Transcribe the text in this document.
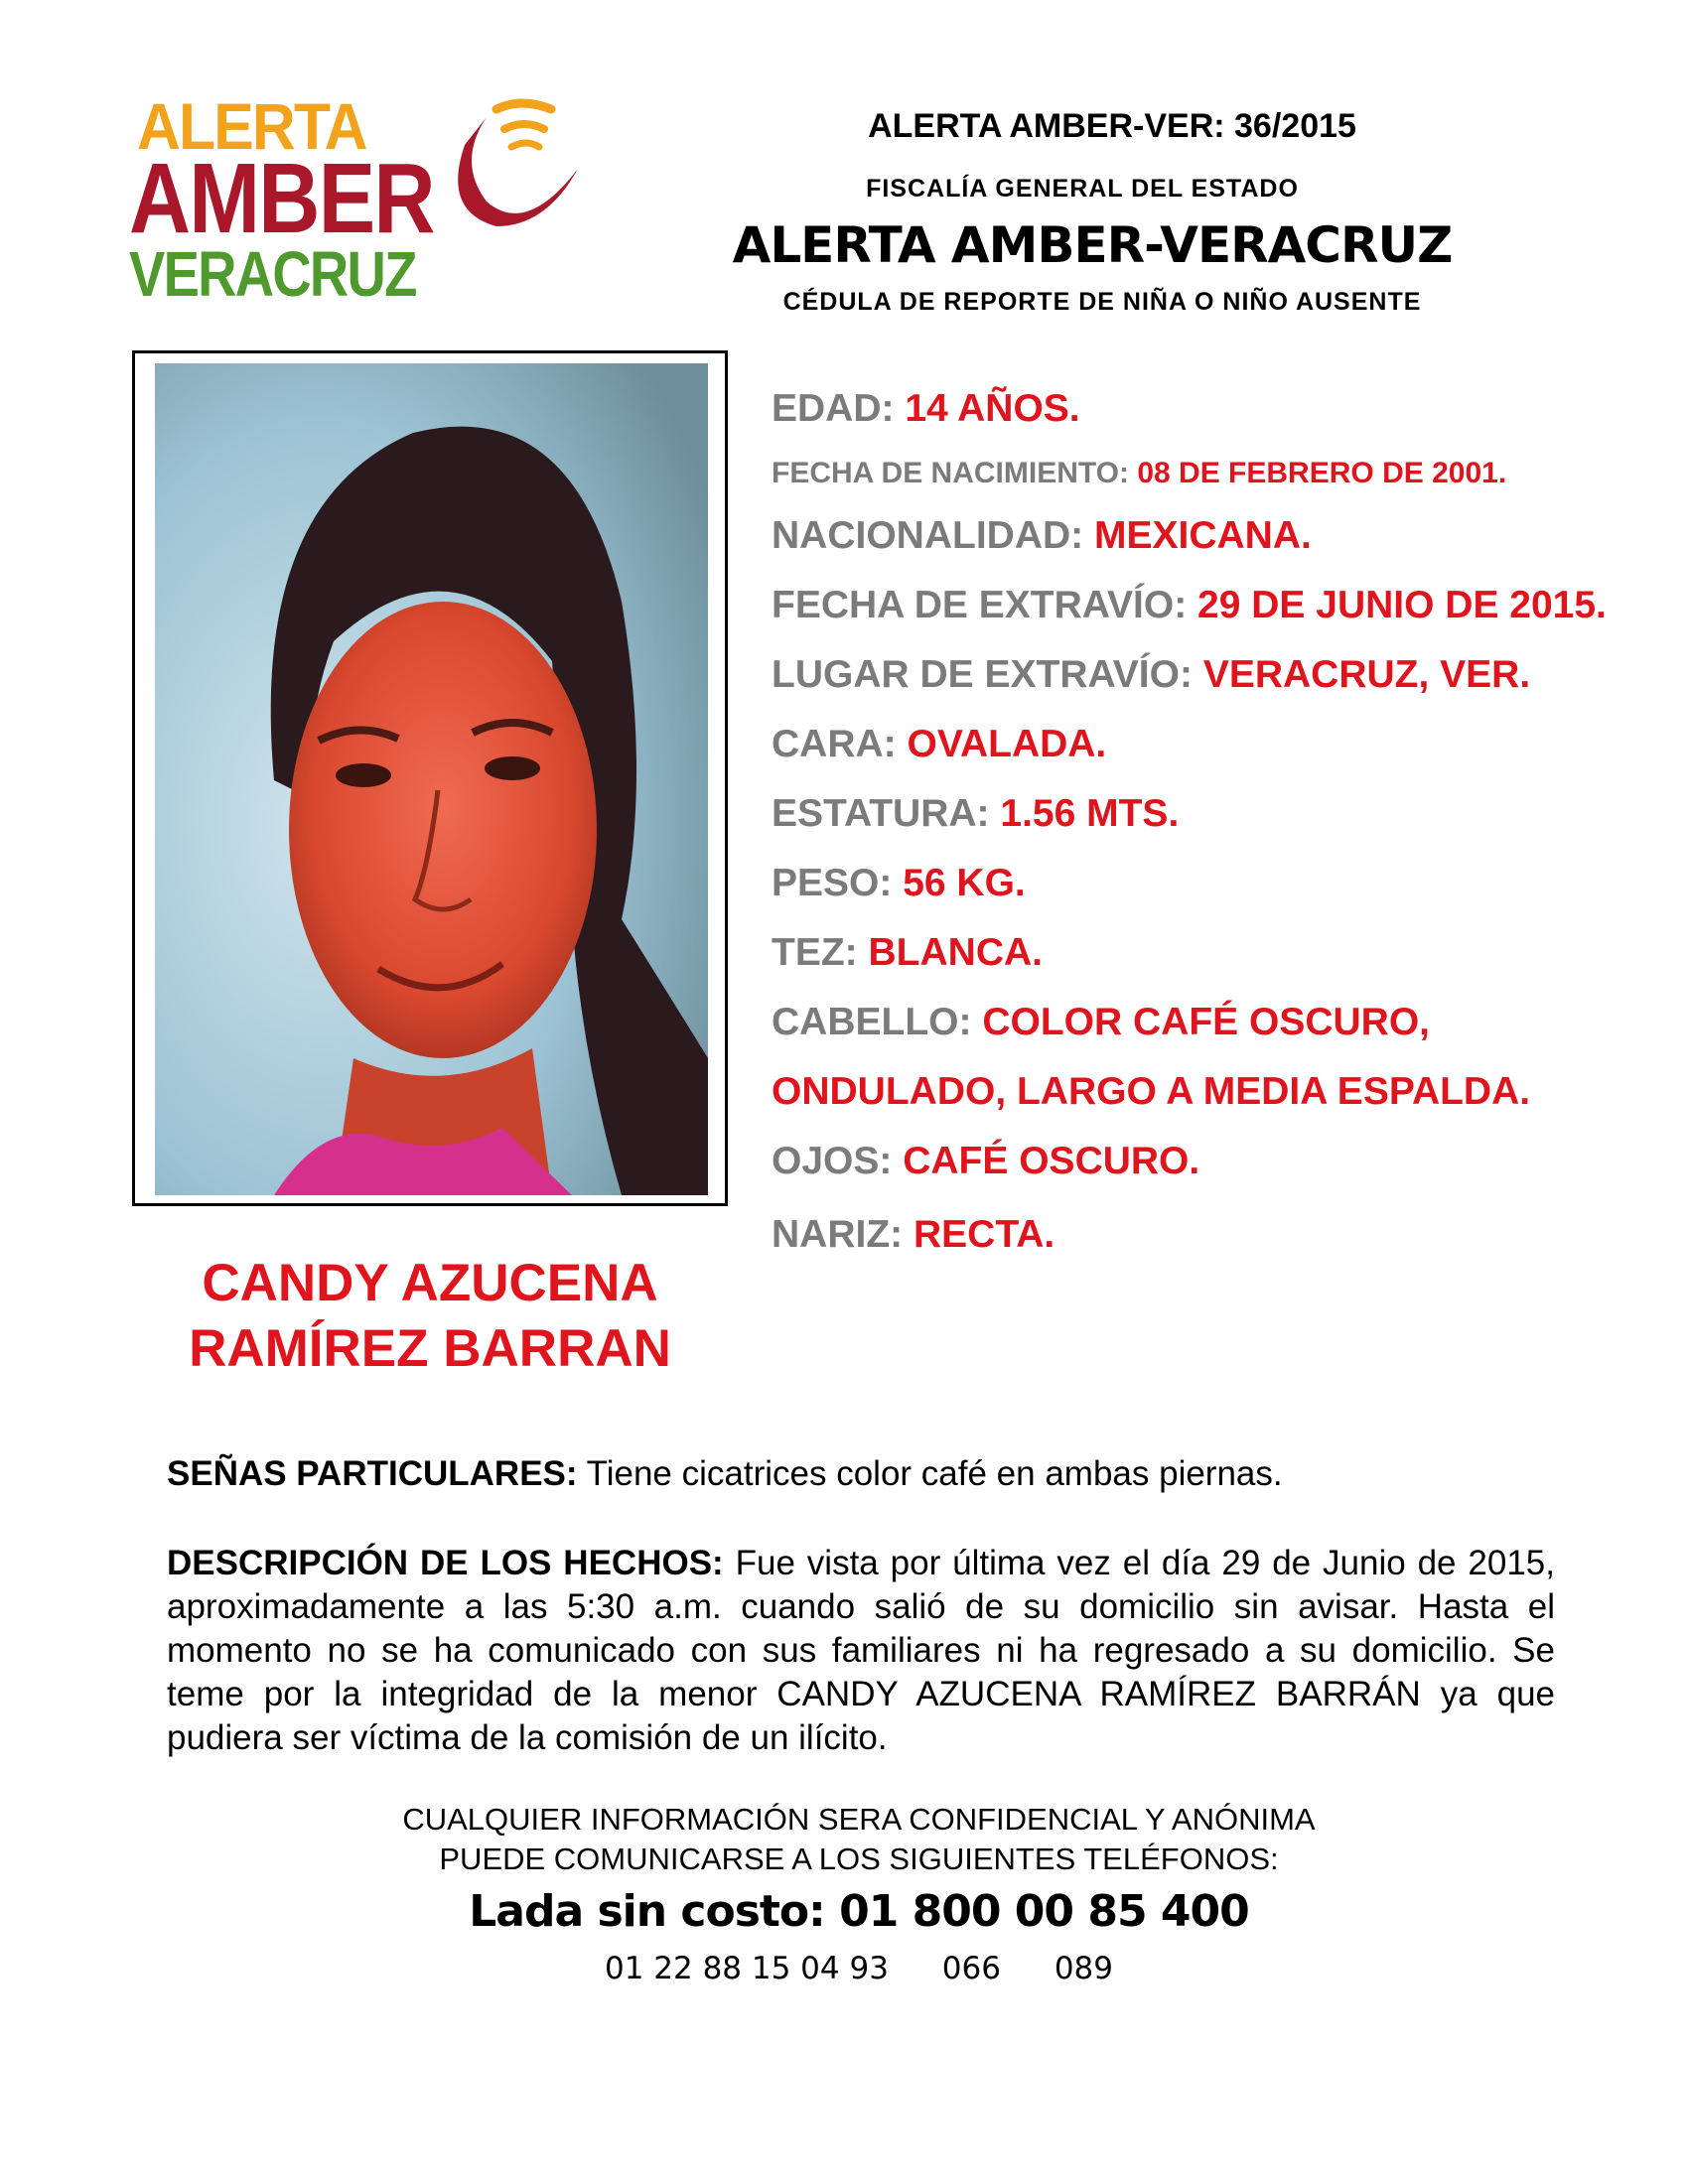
ALERTA
AMBER
VERACRUZ
ALERTA AMBER-VER: 36/2015
FISCALÍA GENERAL DEL ESTADO
ALERTA AMBER-VERACRUZ
CÉDULA DE REPORTE DE NIÑA O NIÑO AUSENTE
CANDY AZUCENA
RAMÍREZ BARRAN
EDAD: 14 AÑOS.
FECHA DE NACIMIENTO: 08 DE FEBRERO DE 2001.
NACIONALIDAD: MEXICANA.
FECHA DE EXTRAVÍO: 29 DE JUNIO DE 2015.
LUGAR DE EXTRAVÍO: VERACRUZ, VER.
CARA: OVALADA.
ESTATURA: 1.56 MTS.
PESO: 56 KG.
TEZ: BLANCA.
CABELLO: COLOR CAFÉ OSCURO,
ONDULADO, LARGO A MEDIA ESPALDA.
OJOS: CAFÉ OSCURO.
NARIZ: RECTA.
SEÑAS PARTICULARES: Tiene cicatrices color café en ambas piernas.
DESCRIPCIÓN DE LOS HECHOS: Fue vista por última vez el día 29 de Junio de 2015, aproximadamente a las 5:30 a.m. cuando salió de su domicilio sin avisar. Hasta el momento no se ha comunicado con sus familiares ni ha regresado a su domicilio. Se teme por la integridad de la menor CANDY AZUCENA RAMÍREZ BARRÁN ya que pudiera ser víctima de la comisión de un ilícito.
CUALQUIER INFORMACIÓN SERA CONFIDENCIAL Y ANÓNIMA
PUEDE COMUNICARSE A LOS SIGUIENTES TELÉFONOS:
Lada sin costo: 01 800 00 85 400
01 22 88 15 04 93 066 089
